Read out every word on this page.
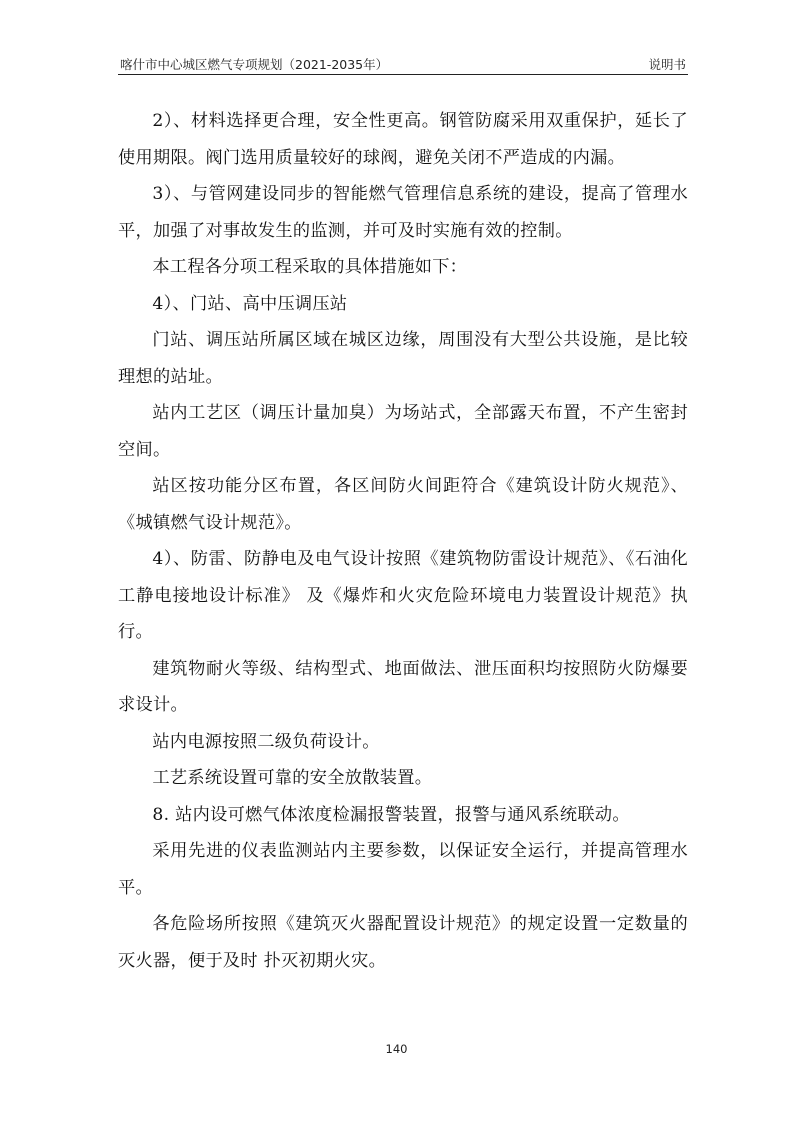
喀什市中心城区燃气专项规划（2021-2035年）	说明书

2）、材料选择更合理，安全性更高。钢管防腐采用双重保护，延长了使用期限。阀门选用质量较好的球阀，避免关闭不严造成的内漏。

3）、与管网建设同步的智能燃气管理信息系统的建设，提高了管理水平，加强了对事故发生的监测，并可及时实施有效的控制。

本工程各分项工程采取的具体措施如下：

4）、门站、高中压调压站

门站、调压站所属区域在城区边缘，周围没有大型公共设施，是比较理想的站址。

站内工艺区（调压计量加臭）为场站式，全部露天布置，不产生密封空间。

站区按功能分区布置，各区间防火间距符合《建筑设计防火规范》、《城镇燃气设计规范》。

4）、防雷、防静电及电气设计按照《建筑物防雷设计规范》、《石油化工静电接地设计标准》 及《爆炸和火灾危险环境电力装置设计规范》执行。

建筑物耐火等级、结构型式、地面做法、泄压面积均按照防火防爆要求设计。

站内电源按照二级负荷设计。

工艺系统设置可靠的安全放散装置。

8. 站内设可燃气体浓度检漏报警装置，报警与通风系统联动。

采用先进的仪表监测站内主要参数，以保证安全运行，并提高管理水平。

各危险场所按照《建筑灭火器配置设计规范》的规定设置一定数量的灭火器，便于及时 扑灭初期火灾。

140
